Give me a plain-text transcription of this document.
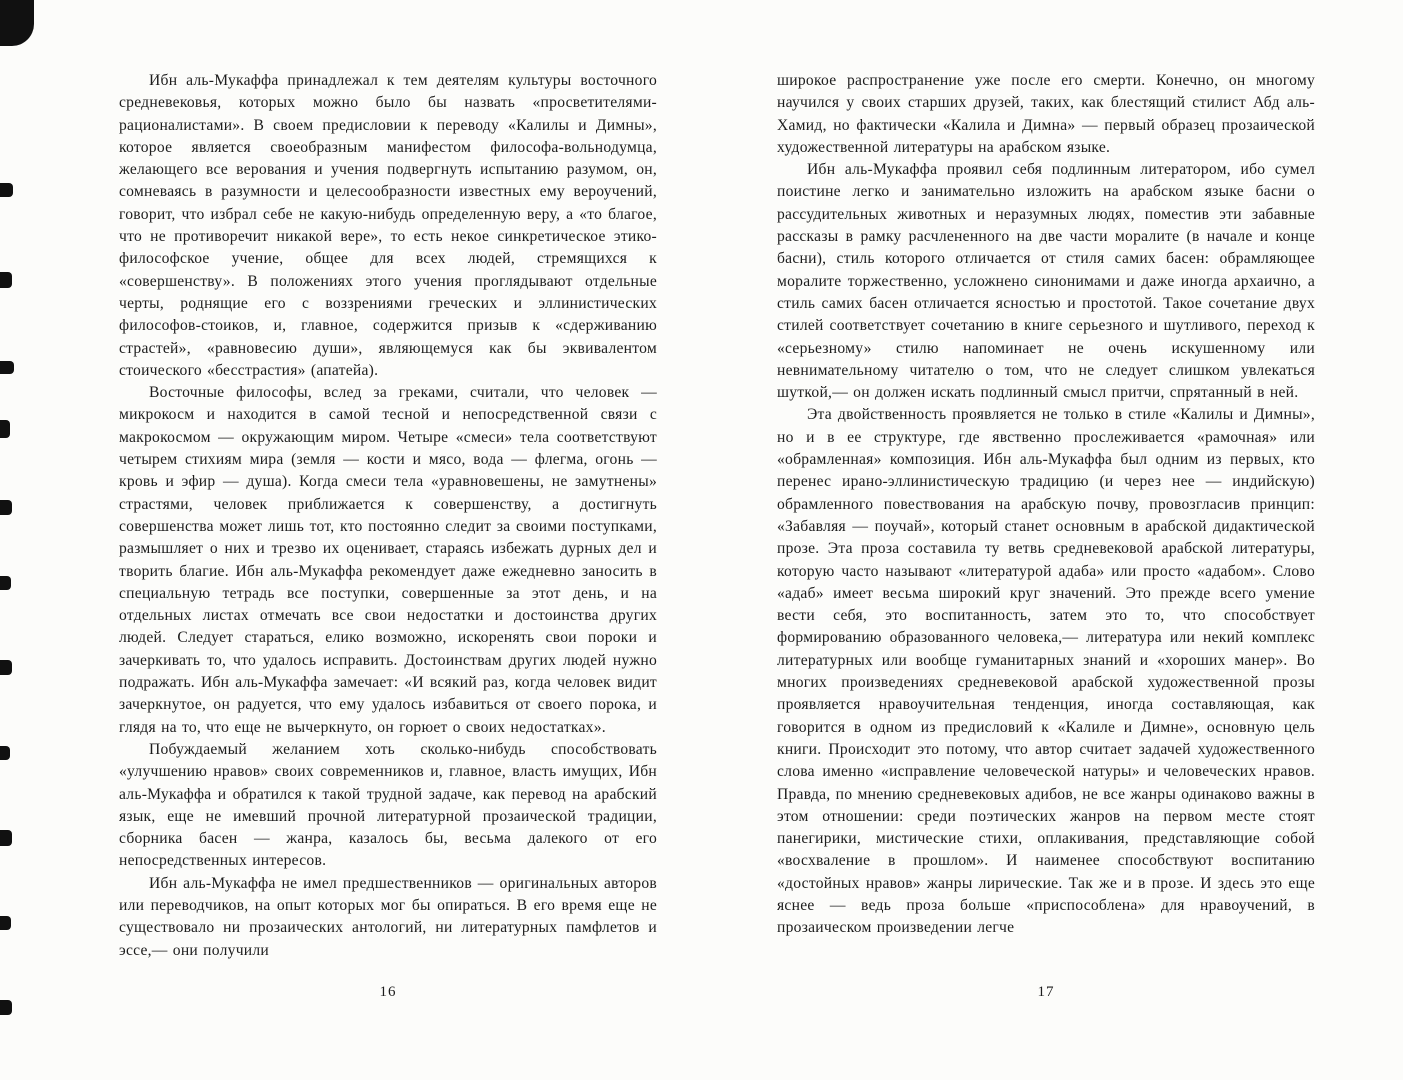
Ибн аль-Мукаффа принадлежал к тем деятелям культуры восточного средневековья, которых можно было бы назвать «просветителями-рационалистами». В своем предисловии к переводу «Калилы и Димны», которое является своеобразным манифестом философа-вольнодумца, желающего все верования и учения подвергнуть испытанию разумом, он, сомневаясь в разумности и целесообразности известных ему вероучений, говорит, что избрал себе не какую-нибудь определенную веру, а «то благое, что не противоречит никакой вере», то есть некое синкретическое этико-философское учение, общее для всех людей, стремящихся к «совершенству». В положениях этого учения проглядывают отдельные черты, роднящие его с воззрениями греческих и эллинистических философов-стоиков, и, главное, содержится призыв к «сдерживанию страстей», «равновесию души», являющемуся как бы эквивалентом стоического «бесстрастия» (апатейа).

Восточные философы, вслед за греками, считали, что человек — микрокосм и находится в самой тесной и непосредственной связи с макрокосмом — окружающим миром. Четыре «смеси» тела соответствуют четырем стихиям мира (земля — кости и мясо, вода — флегма, огонь — кровь и эфир — душа). Когда смеси тела «уравновешены, не замутнены» страстями, человек приближается к совершенству, а достигнуть совершенства может лишь тот, кто постоянно следит за своими поступками, размышляет о них и трезво их оценивает, стараясь избежать дурных дел и творить благие. Ибн аль-Мукаффа рекомендует даже ежедневно заносить в специальную тетрадь все поступки, совершенные за этот день, и на отдельных листах отмечать все свои недостатки и достоинства других людей. Следует стараться, елико возможно, искоренять свои пороки и зачеркивать то, что удалось исправить. Достоинствам других людей нужно подражать. Ибн аль-Мукаффа замечает: «И всякий раз, когда человек видит зачеркнутое, он радуется, что ему удалось избавиться от своего порока, и глядя на то, что еще не вычеркнуто, он горюет о своих недостатках».

Побуждаемый желанием хоть сколько-нибудь способствовать «улучшению нравов» своих современников и, главное, власть имущих, Ибн аль-Мукаффа и обратился к такой трудной задаче, как перевод на арабский язык, еще не имевший прочной литературной прозаической традиции, сборника басен — жанра, казалось бы, весьма далекого от его непосредственных интересов.

Ибн аль-Мукаффа не имел предшественников — оригинальных авторов или переводчиков, на опыт которых мог бы опираться. В его время еще не существовало ни прозаических антологий, ни литературных памфлетов и эссе,— они получили

16

широкое распространение уже после его смерти. Конечно, он многому научился у своих старших друзей, таких, как блестящий стилист Абд аль-Хамид, но фактически «Калила и Димна» — первый образец прозаической художественной литературы на арабском языке.

Ибн аль-Мукаффа проявил себя подлинным литератором, ибо сумел поистине легко и занимательно изложить на арабском языке басни о рассудительных животных и неразумных людях, поместив эти забавные рассказы в рамку расчлененного на две части моралите (в начале и конце басни), стиль которого отличается от стиля самих басен: обрамляющее моралите торжественно, усложнено синонимами и даже иногда архаично, а стиль самих басен отличается ясностью и простотой. Такое сочетание двух стилей соответствует сочетанию в книге серьезного и шутливого, переход к «серьезному» стилю напоминает не очень искушенному или невнимательному читателю о том, что не следует слишком увлекаться шуткой,— он должен искать подлинный смысл притчи, спрятанный в ней.

Эта двойственность проявляется не только в стиле «Калилы и Димны», но и в ее структуре, где явственно прослеживается «рамочная» или «обрамленная» композиция. Ибн аль-Мукаффа был одним из первых, кто перенес ирано-эллинистическую традицию (и через нее — индийскую) обрамленного повествования на арабскую почву, провозгласив принцип: «Забавляя — поучай», который станет основным в арабской дидактической прозе. Эта проза составила ту ветвь средневековой арабской литературы, которую часто называют «литературой адаба» или просто «адабом». Слово «адаб» имеет весьма широкий круг значений. Это прежде всего умение вести себя, это воспитанность, затем это то, что способствует формированию образованного человека,— литература или некий комплекс литературных или вообще гуманитарных знаний и «хороших манер». Во многих произведениях средневековой арабской художественной прозы проявляется нравоучительная тенденция, иногда составляющая, как говорится в одном из предисловий к «Калиле и Димне», основную цель книги. Происходит это потому, что автор считает задачей художественного слова именно «исправление человеческой натуры» и человеческих нравов. Правда, по мнению средневековых адибов, не все жанры одинаково важны в этом отношении: среди поэтических жанров на первом месте стоят панегирики, мистические стихи, оплакивания, представляющие собой «восхваление в прошлом». И наименее способствуют воспитанию «достойных нравов» жанры лирические. Так же и в прозе. И здесь это еще яснее — ведь проза больше «приспособлена» для нравоучений, в прозаическом произведении легче

17
